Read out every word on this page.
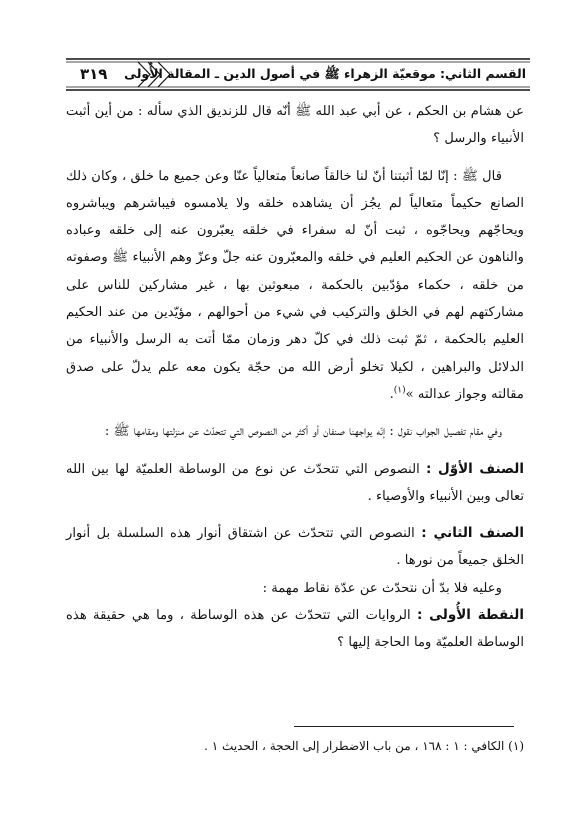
٣١٩	القسم الثاني: موقعيّة الزهراء ﷺ في أصول الدين ـ المقالة الأُولى

عن هشام بن الحكم ، عن أبي عبد الله ﷺ أنّه قال للزنديق الذي سأله : من أين أثبت الأنبياء والرسل ؟

قال ﷺ : إنّا لمّا أثبتنا أنّ لنا خالقاً صانعاً متعالياً عنّا وعن جميع ما خلق ، وكان ذلك الصانع حكيماً متعالياً لم يجُز أن يشاهده خلقه ولا يلامسوه فيباشرهم ويباشروه ويحاجّهم ويحاجّوه ، ثبت أنّ له سفراء في خلقه يعبّرون عنه إلى خلقه وعباده والناهون عن الحكيم العليم في خلقه والمعبّرون عنه جلّ وعزّ وهم الأنبياء ﷺ وصفوته من خلقه ، حكماء مؤدّبين بالحكمة ، مبعوثين بها ، غير مشاركين للناس على مشاركتهم لهم في الخلق والتركيب في شيء من أحوالهم ، مؤيّدين من عند الحكيم العليم بالحكمة ، ثمّ ثبت ذلك في كلّ دهر وزمان ممّا أتت به الرسل والأنبياء من الدلائل والبراهين ، لكيلا تخلو أرض الله من حجّة يكون معه علم يدلّ على صدق مقالته وجواز عدالته »$^{(١)}$.

وفي مقام تفصيل الجواب نقول : إنّه يواجهنا صنفان أو أكثر من النصوص التي تتحدّث عن منزلتها ومقامها ﷺ :

الصنف الأوّل : النصوص التي تتحدّث عن نوع من الوساطة العلميّة لها بين الله تعالى وبين الأنبياء والأوصياء .

الصنف الثاني : النصوص التي تتحدّث عن اشتقاق أنوار هذه السلسلة بل أنوار الخلق جميعاً من نورها .

وعليه فلا بدّ أن نتحدّث عن عدّة نقاط مهمة :

النقطة الأُولى : الروايات التي تتحدّث عن هذه الوساطة ، وما هي حقيقة هذه الوساطة العلميّة وما الحاجة إليها ؟

(١) الكافي : ١ : ١٦٨ ، من باب الاضطرار إلى الحجة ، الحديث ١ .
